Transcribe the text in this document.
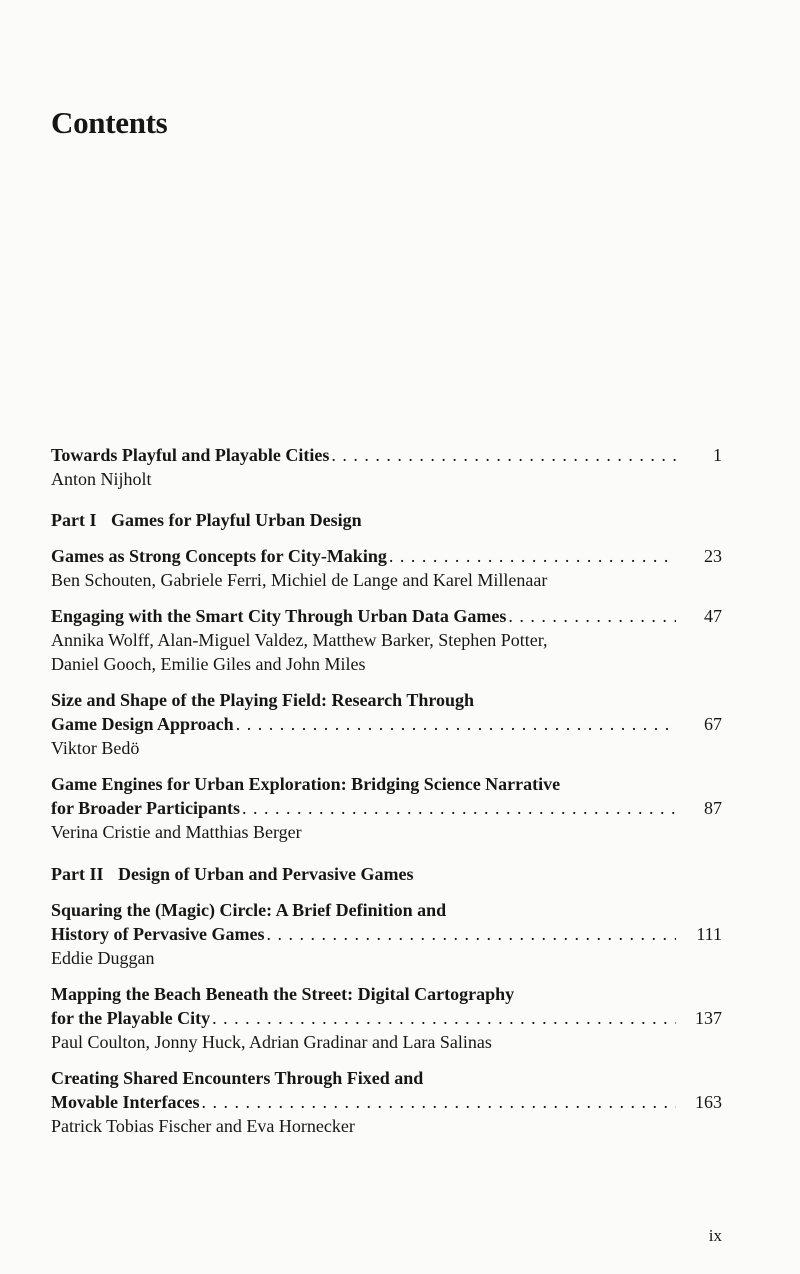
Contents
Towards Playful and Playable Cities . . .	1
Anton Nijholt
Part I Games for Playful Urban Design
Games as Strong Concepts for City-Making . . .	23
Ben Schouten, Gabriele Ferri, Michiel de Lange and Karel Millenaar
Engaging with the Smart City Through Urban Data Games . . .	47
Annika Wolff, Alan-Miguel Valdez, Matthew Barker, Stephen Potter,
Daniel Gooch, Emilie Giles and John Miles
Size and Shape of the Playing Field: Research Through
Game Design Approach . . .	67
Viktor Bedö
Game Engines for Urban Exploration: Bridging Science Narrative
for Broader Participants . . .	87
Verina Cristie and Matthias Berger
Part II Design of Urban and Pervasive Games
Squaring the (Magic) Circle: A Brief Definition and
History of Pervasive Games . . .	111
Eddie Duggan
Mapping the Beach Beneath the Street: Digital Cartography
for the Playable City . . .	137
Paul Coulton, Jonny Huck, Adrian Gradinar and Lara Salinas
Creating Shared Encounters Through Fixed and
Movable Interfaces . . .	163
Patrick Tobias Fischer and Eva Hornecker
ix
